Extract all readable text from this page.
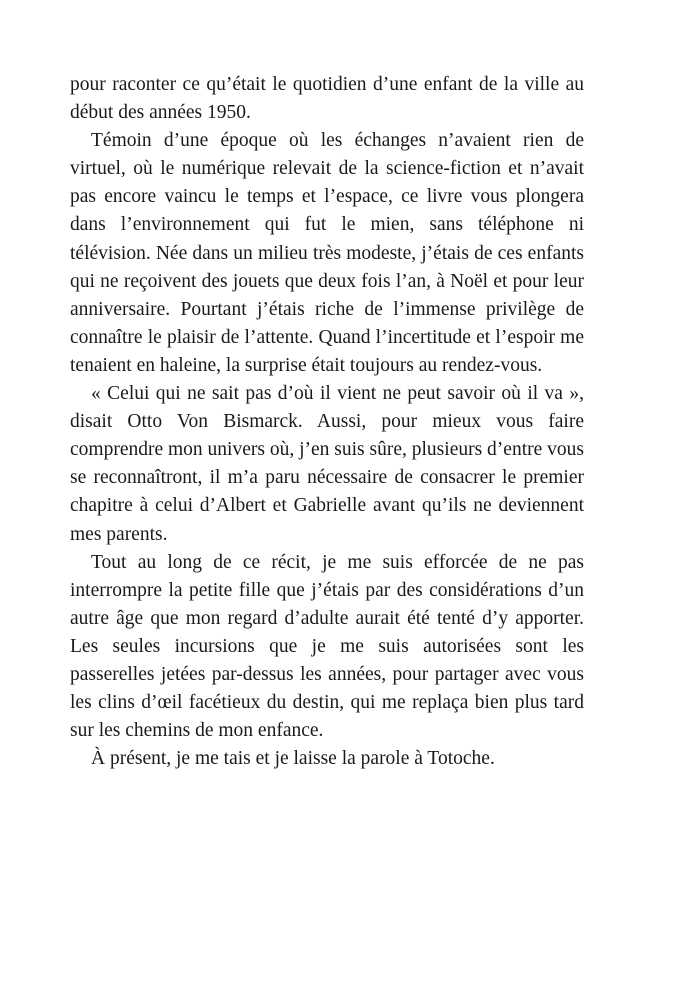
pour raconter ce qu’était le quotidien d’une enfant de la ville au début des années 1950.

Témoin d’une époque où les échanges n’avaient rien de virtuel, où le numérique relevait de la science-fiction et n’avait pas encore vaincu le temps et l’espace, ce livre vous plongera dans l’environnement qui fut le mien, sans téléphone ni télévision. Née dans un milieu très modeste, j’étais de ces enfants qui ne reçoivent des jouets que deux fois l’an, à Noël et pour leur anniversaire. Pourtant j’étais riche de l’immense privilège de connaître le plaisir de l’attente. Quand l’incertitude et l’espoir me tenaient en haleine, la surprise était toujours au rendez-vous.

« Celui qui ne sait pas d’où il vient ne peut savoir où il va », disait Otto Von Bismarck. Aussi, pour mieux vous faire comprendre mon univers où, j’en suis sûre, plusieurs d’entre vous se reconnaîtront, il m’a paru nécessaire de consacrer le premier chapitre à celui d’Albert et Gabrielle avant qu’ils ne deviennent mes parents.

Tout au long de ce récit, je me suis efforcée de ne pas interrompre la petite fille que j’étais par des considérations d’un autre âge que mon regard d’adulte aurait été tenté d’y apporter. Les seules incursions que je me suis autorisées sont les passerelles jetées par-dessus les années, pour partager avec vous les clins d’œil facétieux du destin, qui me replaça bien plus tard sur les chemins de mon enfance.

À présent, je me tais et je laisse la parole à Totoche.
